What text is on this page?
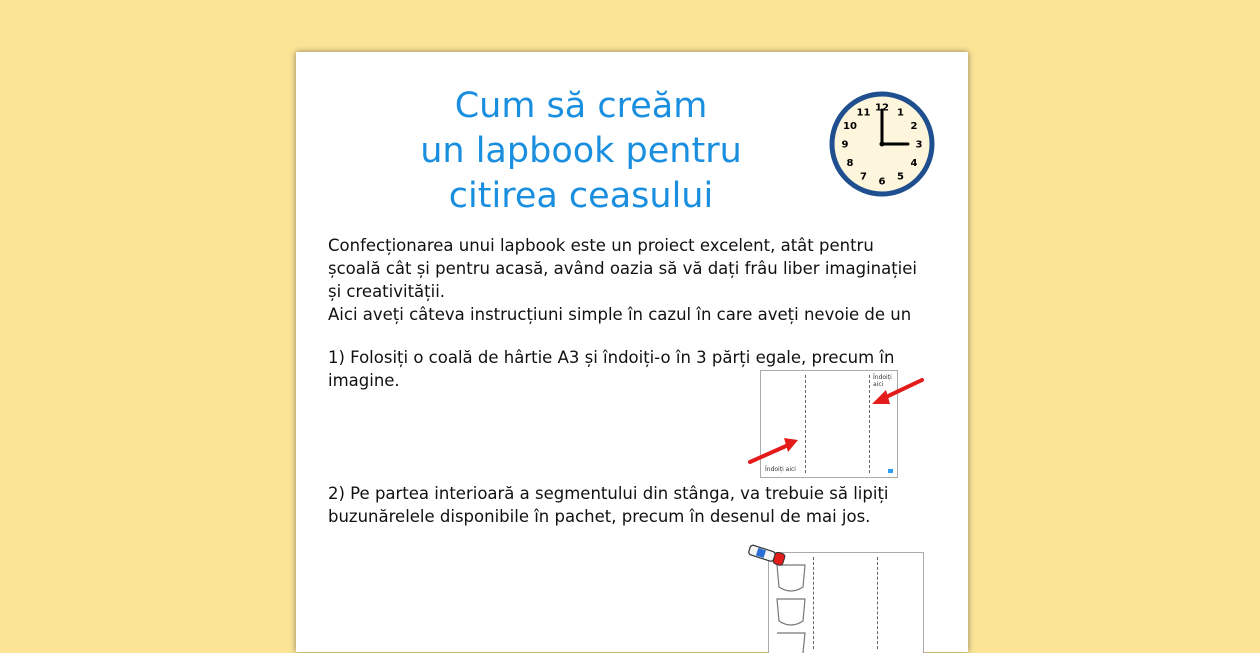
Cum să creăm
un lapbook pentru
citirea ceasului
12 1
2
3
4
5
6
7
8
9
10
11
Confecționarea unui lapbook este un proiect excelent, atât pentru
școală cât și pentru acasă, având oazia să vă dați frâu liber imaginației
și creativității.
Aici aveți câteva instrucțiuni simple în cazul în care aveți nevoie de un
1) Folosiți o coală de hârtie A3 și îndoiți-o în 3 părți egale, precum în
imagine.	Îndoiți aici
Îndoiți aici
2) Pe partea interioară a segmentului din stânga, va trebuie să lipiți
buzunărelele disponibile în pachet, precum în desenul de mai jos.
